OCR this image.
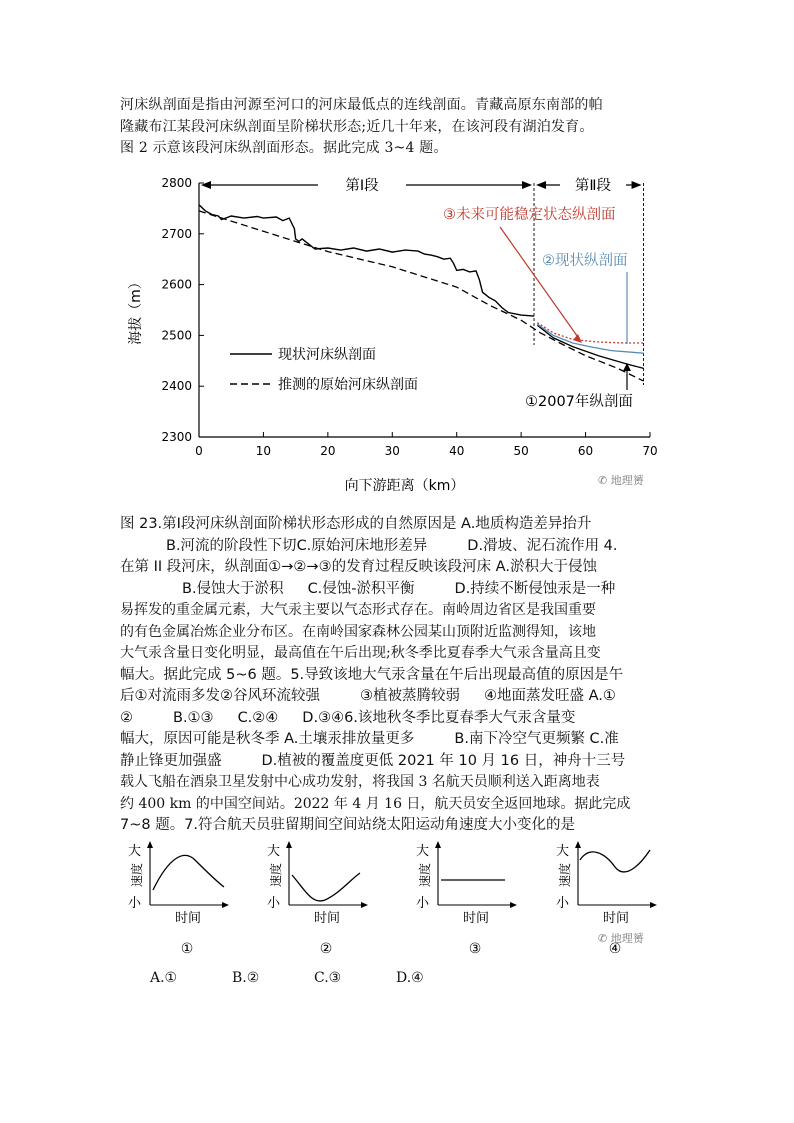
河床纵剖面是指由河源至河口的河床最低点的连线剖面。青藏高原东南部的帕
隆藏布江某段河床纵剖面呈阶梯状形态;近几十年来，在该河段有湖泊发育。
图 2 示意该段河床纵剖面形态。据此完成 3~4 题。
0	10	20	30	40	50	60	70
2800
2700
2600
2500
2400
2300
向下游距离（km）
海拔（m）
第Ⅰ段	第Ⅱ段
现状河床纵剖面
推测的原始河床纵剖面
③未来可能稳定状态纵剖面
②现状纵剖面
①2007年纵剖面
✆ 地理赟
图 23.第Ⅰ段河床纵剖面阶梯状形态形成的自然原因是 A.地质构造差异抬升
B.河流的阶段性下切C.原始河床地形差异	D.滑坡、泥石流作用 4.
在第 II 段河床，纵剖面①→②→③的发育过程反映该段河床 A.淤积大于侵蚀
B.侵蚀大于淤积 C.侵蚀-淤积平衡	D.持续不断侵蚀汞是一种
易挥发的重金属元素，大气汞主要以气态形式存在。南岭周边省区是我国重要
的有色金属冶炼企业分布区。在南岭国家森林公园某山顶附近监测得知，该地
大气汞含量日变化明显，最高值在午后出现;秋冬季比夏春季大气汞含量高且变
幅大。据此完成 5~6 题。5.导致该地大气汞含量在午后出现最高值的原因是午
后①对流雨多发②谷风环流较强	③植被蒸腾较弱 ④地面蒸发旺盛 A.①
②	B.①③ C.②④ D.③④6.该地秋冬季比夏春季大气汞含量变
幅大，原因可能是秋冬季 A.土壤汞排放量更多	B.南下冷空气更频繁 C.准
静止锋更加强盛	D.植被的覆盖度更低 2021 年 10 月 16 日，神舟十三号
载人飞船在酒泉卫星发射中心成功发射，将我国 3 名航天员顺利送入距离地表
约 400 km 的中国空间站。2022 年 4 月 16 日，航天员安全返回地球。据此完成
7~8 题。7.符合航天员驻留期间空间站绕太阳运动角速度大小变化的是
大
小
速度
时间
①
大
小
速度
时间
②
大
小
速度
时间
③
大
小
速度
时间
④
✆ 地理赟
A.①	B.②	C.③	D.④
